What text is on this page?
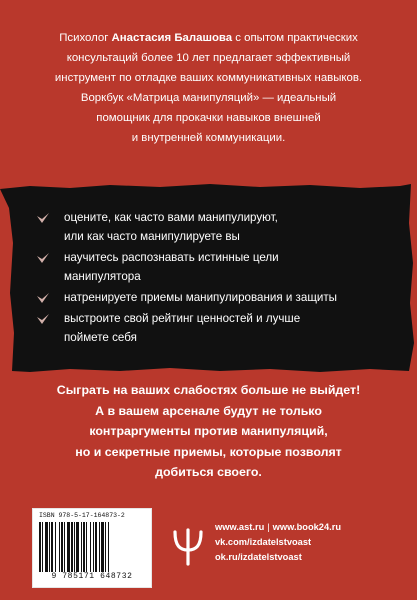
Психолог Анастасия Балашова с опытом практических
консультаций более 10 лет предлагает эффективный
инструмент по отладке ваших коммуникативных навыков.
Воркбук «Матрица манипуляций» — идеальный
помощник для прокачки навыков внешней
и внутренней коммуникации.
оцените, как часто вами манипулируют,
или как часто манипулируете вы
научитесь распознавать истинные цели
манипулятора
натренируете приемы манипулирования и защиты
выстроите свой рейтинг ценностей и лучше
поймете себя
Сыграть на ваших слабостях больше не выйдет!
А в вашем арсенале будут не только
контраргументы против манипуляций,
но и секретные приемы, которые позволят
добиться своего.
ISBN 978-5-17-164873-2
9 785171 648732
www.ast.ru | www.book24.ru
vk.com/izdatelstvoast
ok.ru/izdatelstvoast
